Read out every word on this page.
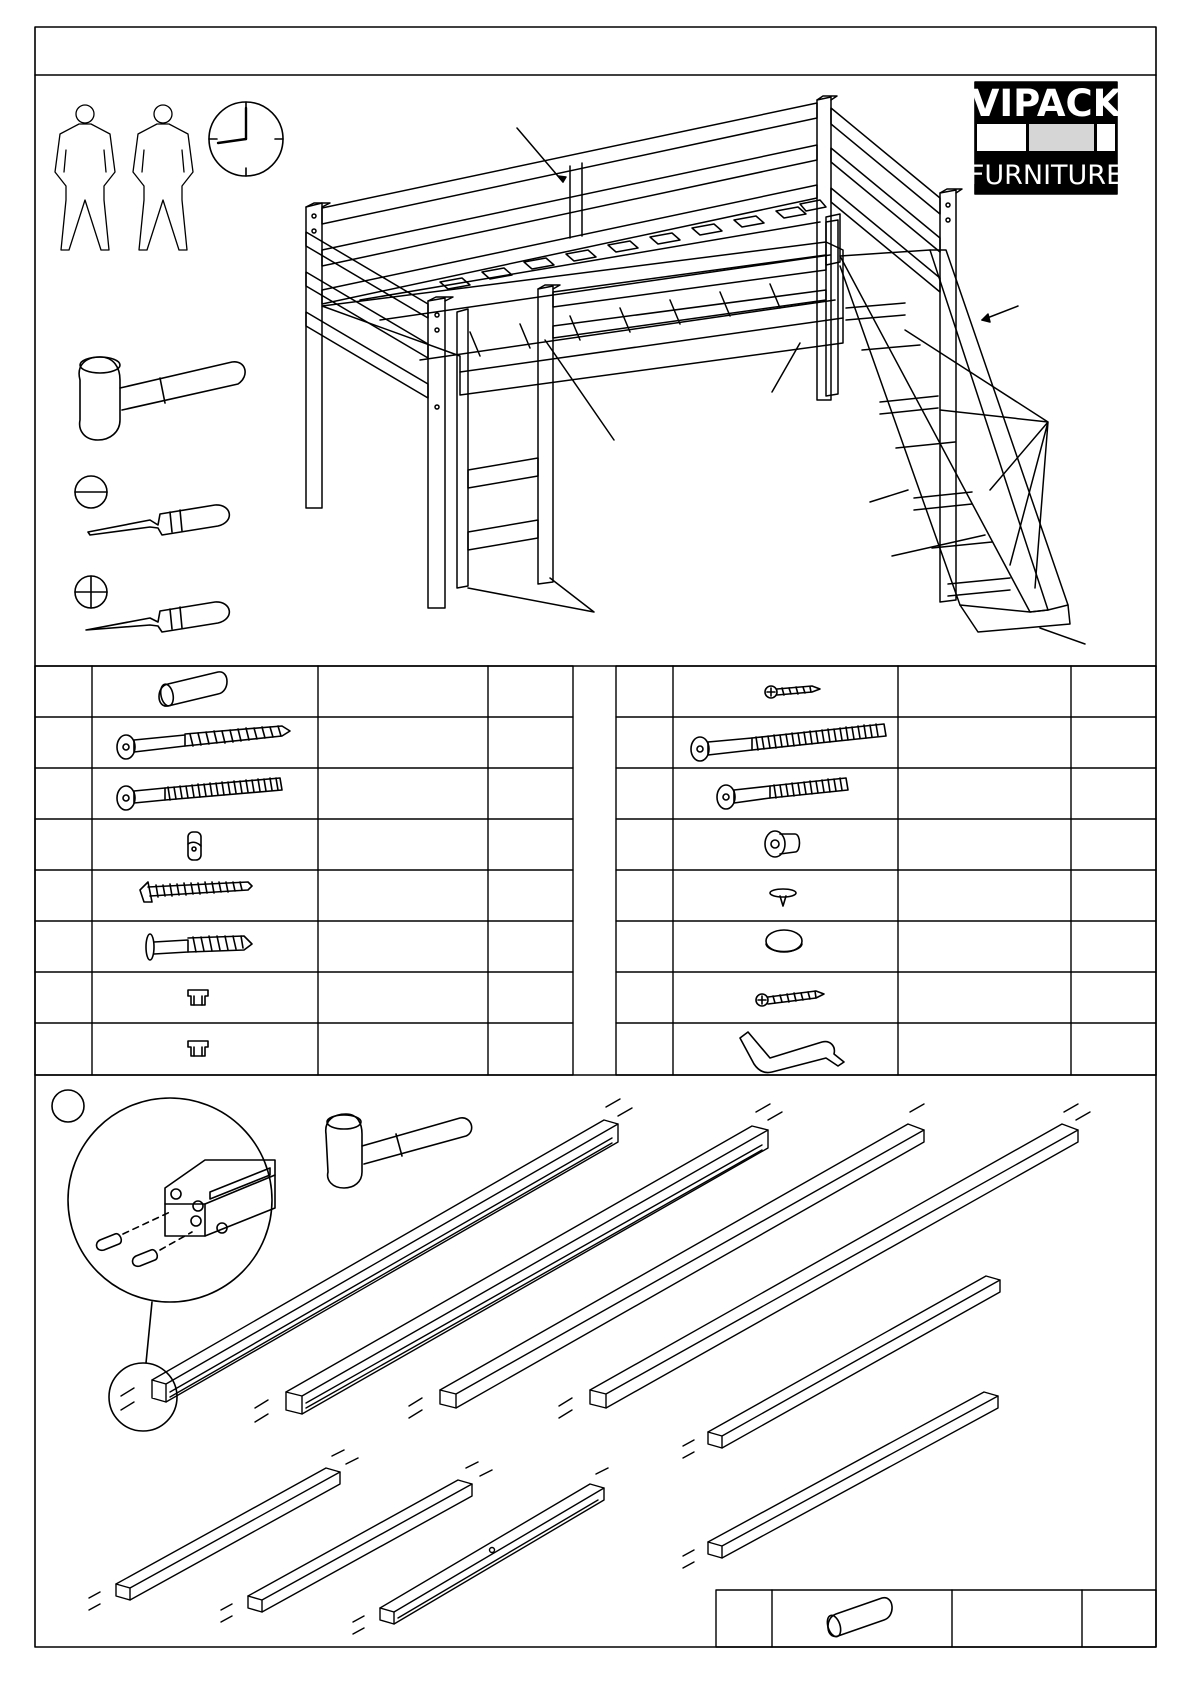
VIPACK
FURNITURE
